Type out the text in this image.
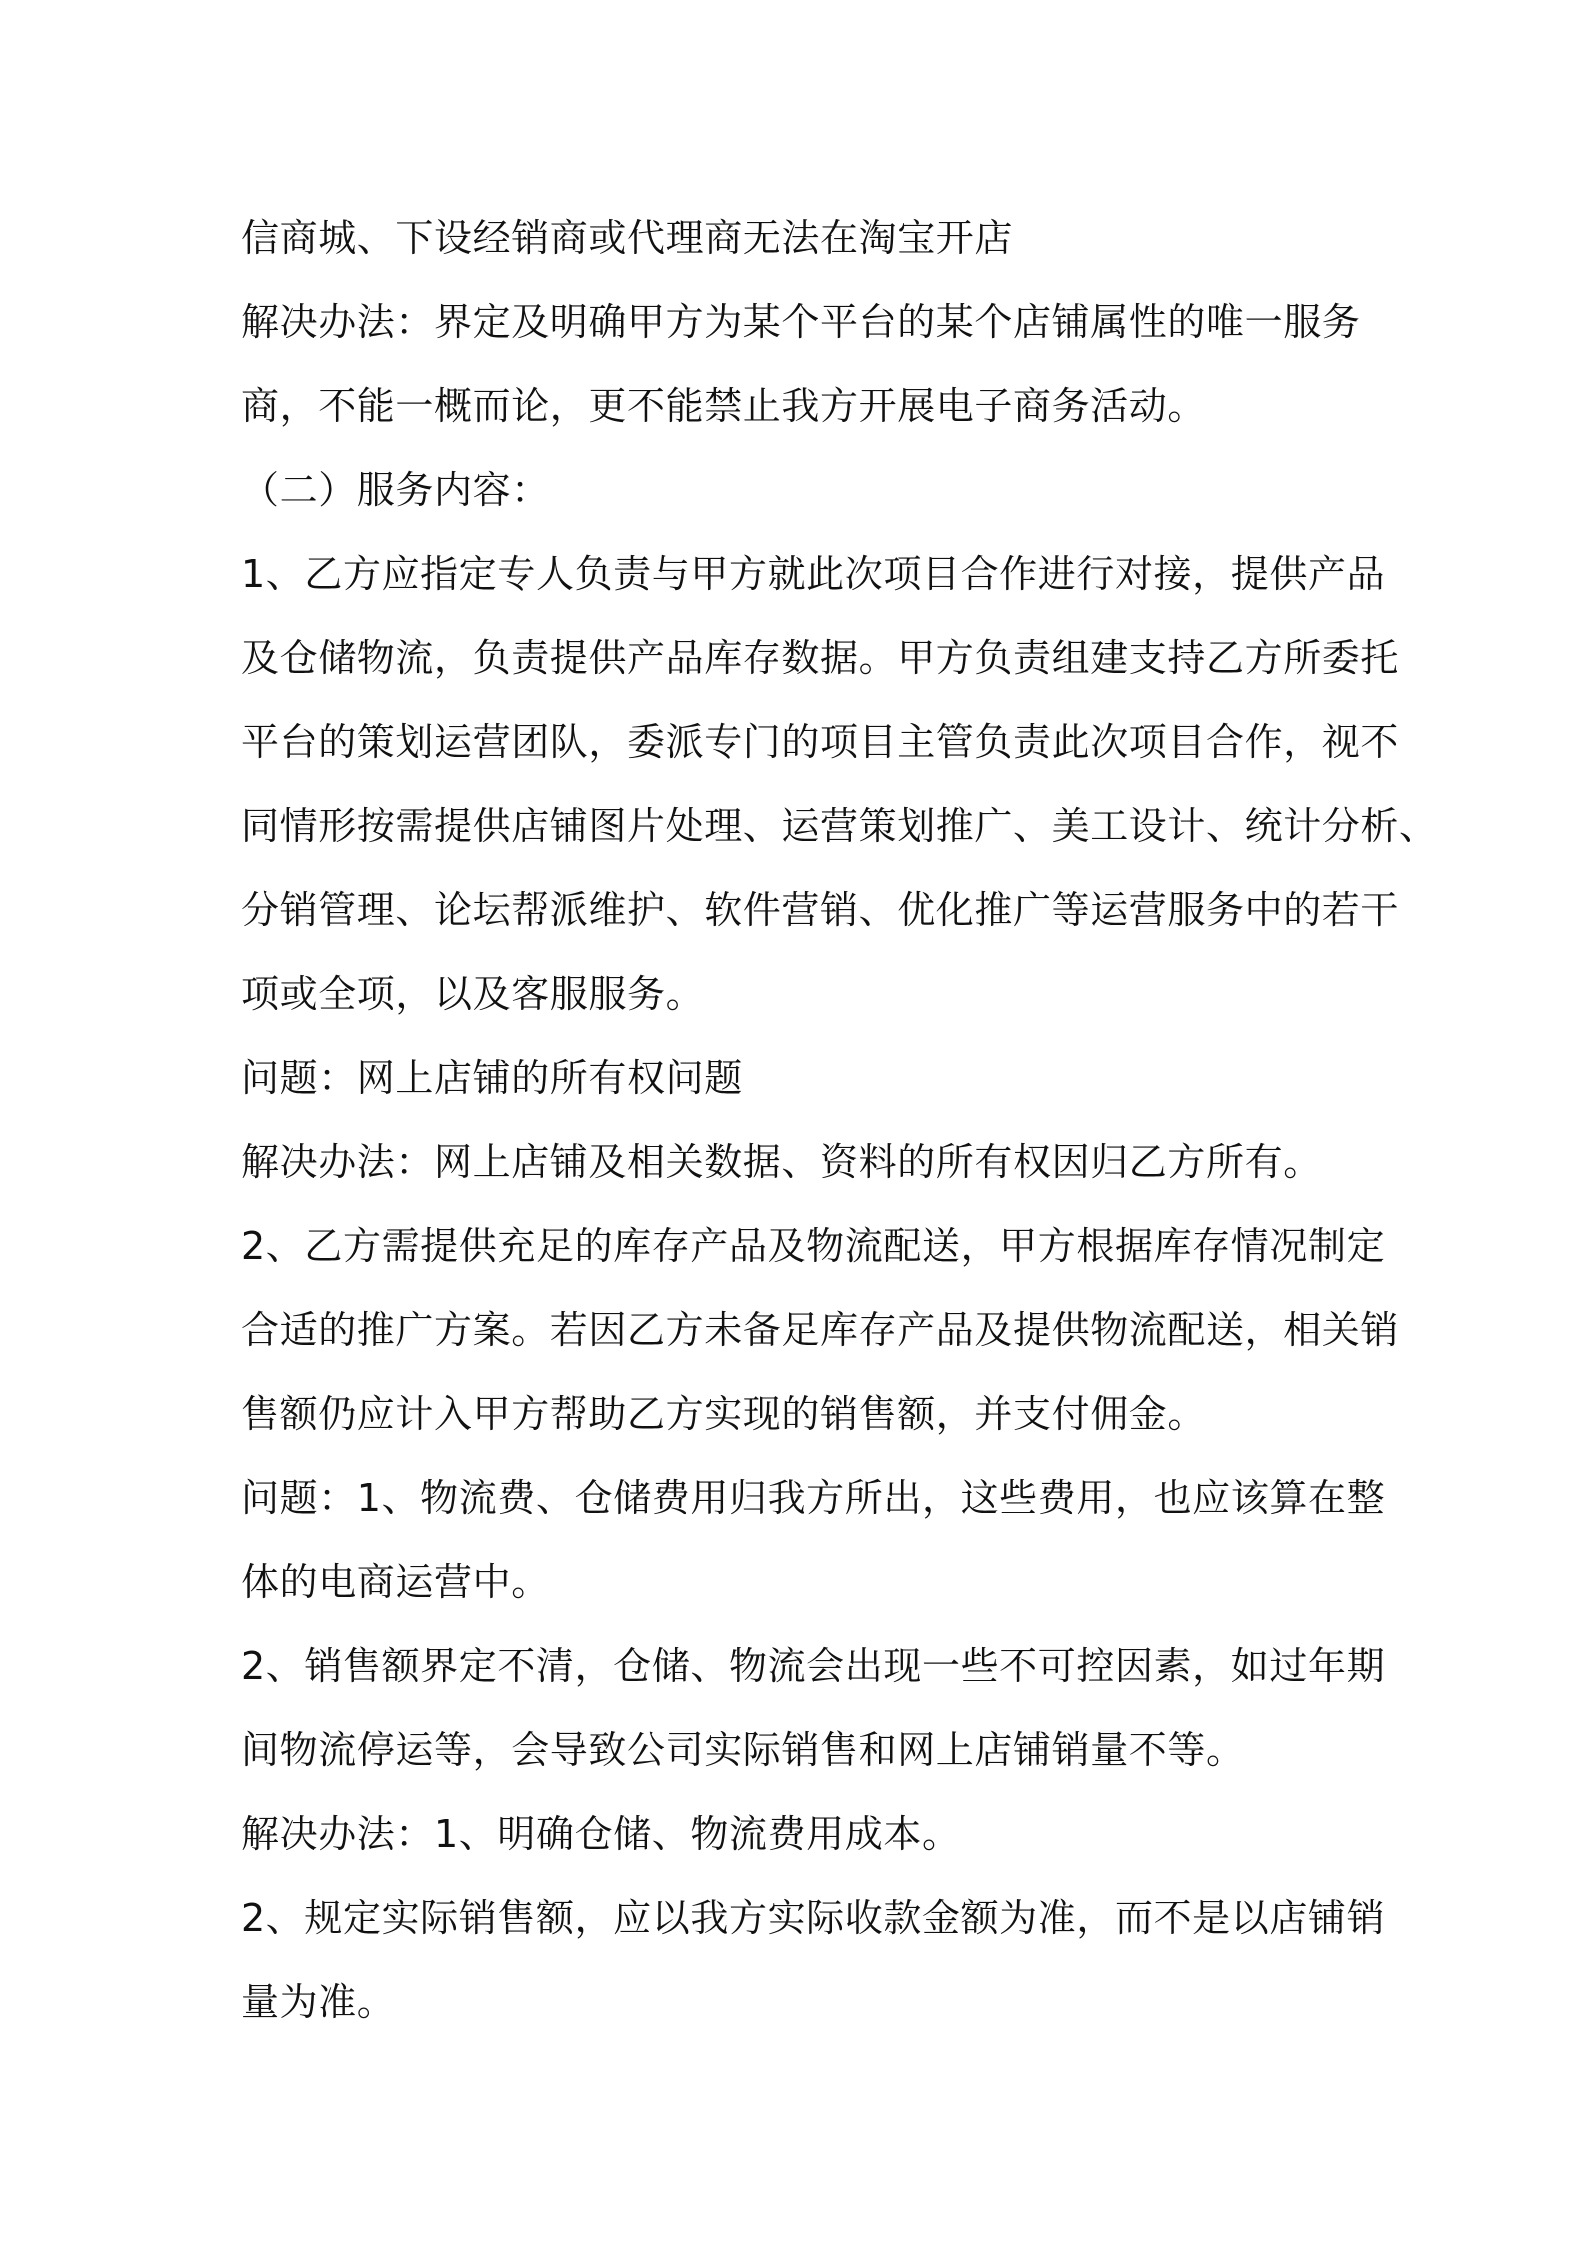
信商城、下设经销商或代理商无法在淘宝开店
解决办法：界定及明确甲方为某个平台的某个店铺属性的唯一服务
商，不能一概而论，更不能禁止我方开展电子商务活动。
（二）服务内容：
1、乙方应指定专人负责与甲方就此次项目合作进行对接，提供产品
及仓储物流，负责提供产品库存数据。甲方负责组建支持乙方所委托
平台的策划运营团队，委派专门的项目主管负责此次项目合作，视不
同情形按需提供店铺图片处理、运营策划推广、美工设计、统计分析、
分销管理、论坛帮派维护、软件营销、优化推广等运营服务中的若干
项或全项，以及客服服务。
问题：网上店铺的所有权问题
解决办法：网上店铺及相关数据、资料的所有权因归乙方所有。
2、乙方需提供充足的库存产品及物流配送，甲方根据库存情况制定
合适的推广方案。若因乙方未备足库存产品及提供物流配送，相关销
售额仍应计入甲方帮助乙方实现的销售额，并支付佣金。
问题：1、物流费、仓储费用归我方所出，这些费用，也应该算在整
体的电商运营中。
2、销售额界定不清，仓储、物流会出现一些不可控因素，如过年期
间物流停运等，会导致公司实际销售和网上店铺销量不等。
解决办法：1、明确仓储、物流费用成本。
2、规定实际销售额，应以我方实际收款金额为准，而不是以店铺销
量为准。
